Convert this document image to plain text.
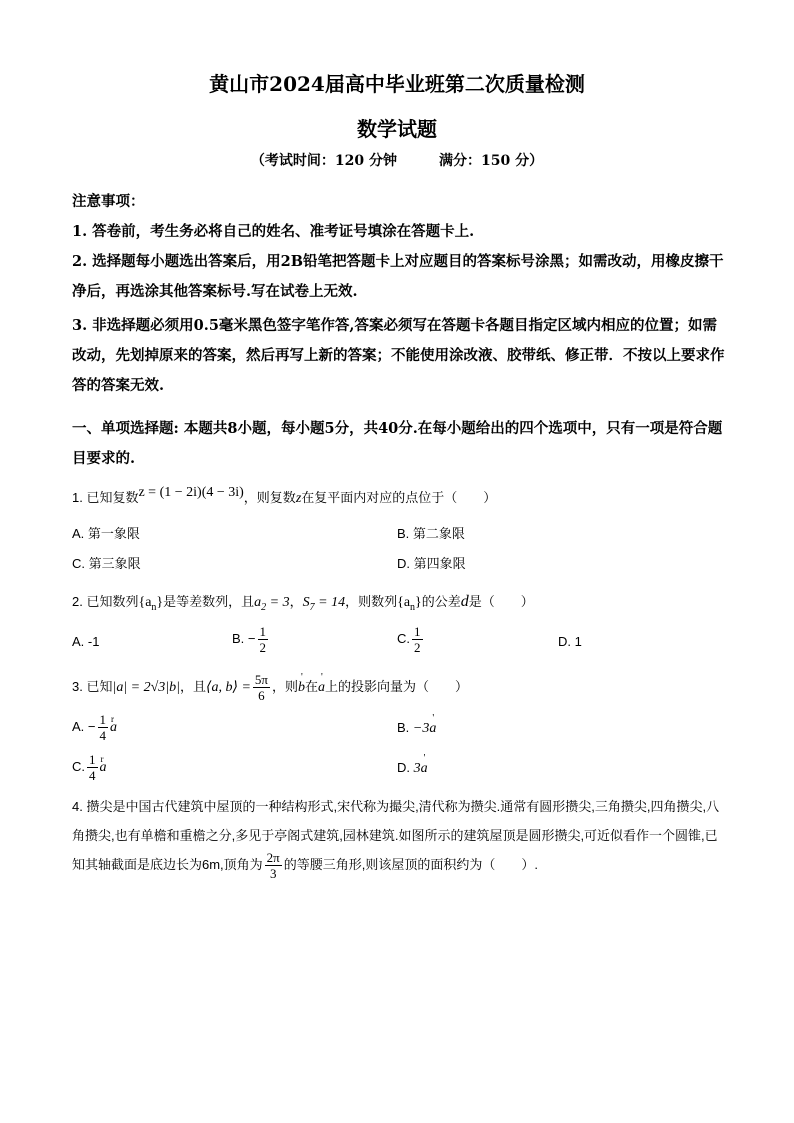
黄山市2024届高中毕业班第二次质量检测
数学试题
（考试时间：120 分钟	满分：150 分）

注意事项：

1. 答卷前，考生务必将自己的姓名、准考证号填涂在答题卡上.

2. 选择题每小题选出答案后，用2B铅笔把答题卡上对应题目的答案标号涂黑；如需改动，用橡皮擦干净后，再选涂其他答案标号.写在试卷上无效.

3. 非选择题必须用0.5毫米黑色签字笔作答,答案必须写在答题卡各题目指定区域内相应的位置；如需改动，先划掉原来的答案，然后再写上新的答案；不能使用涂改液、胶带纸、修正带．不按以上要求作答的答案无效.

一、单项选择题: 本题共8小题，每小题5分，共40分.在每小题给出的四个选项中，只有一项是符合题目要求的.

1. 已知复数z = (1 − 2i)(4 − 3i)，则复数z在复平面内对应的点位于（　　）
A. 第一象限	B. 第二象限
C. 第三象限	D. 第四象限
2. 已知数列$\{a_n\}$是等差数列，且$a_2 = 3$，$S_7 = 14$，则数列$\{a_n\}$的公差d是（　　）
A. -1	B. − $\frac{1}{2}$	C. $\frac{1}{2}$	D. 1
3. 已知|a| = 2√3|b|，且⟨a, b⟩ = $\frac{5\pi}{6}$ ，则' b在' a上的投影向量为（　　）
A. − $\frac{1}{4}$ r a	B. −3' a
C. $\frac{1}{4}$ r a	D. 3' a
4. 攒尖是中国古代建筑中屋顶的一种结构形式,宋代称为撮尖,清代称为攒尖.通常有圆形攒尖,三角攒尖,四角攒尖,八角攒尖,也有单檐和重檐之分,多见于亭阁式建筑,园林建筑.如图所示的建筑屋顶是圆形攒尖,可近似看作一个圆锥,已知其轴截面是底边长为6m,顶角为 $\frac{2\pi}{3}$ 的等腰三角形,则该屋顶的面积约为（　　）.
